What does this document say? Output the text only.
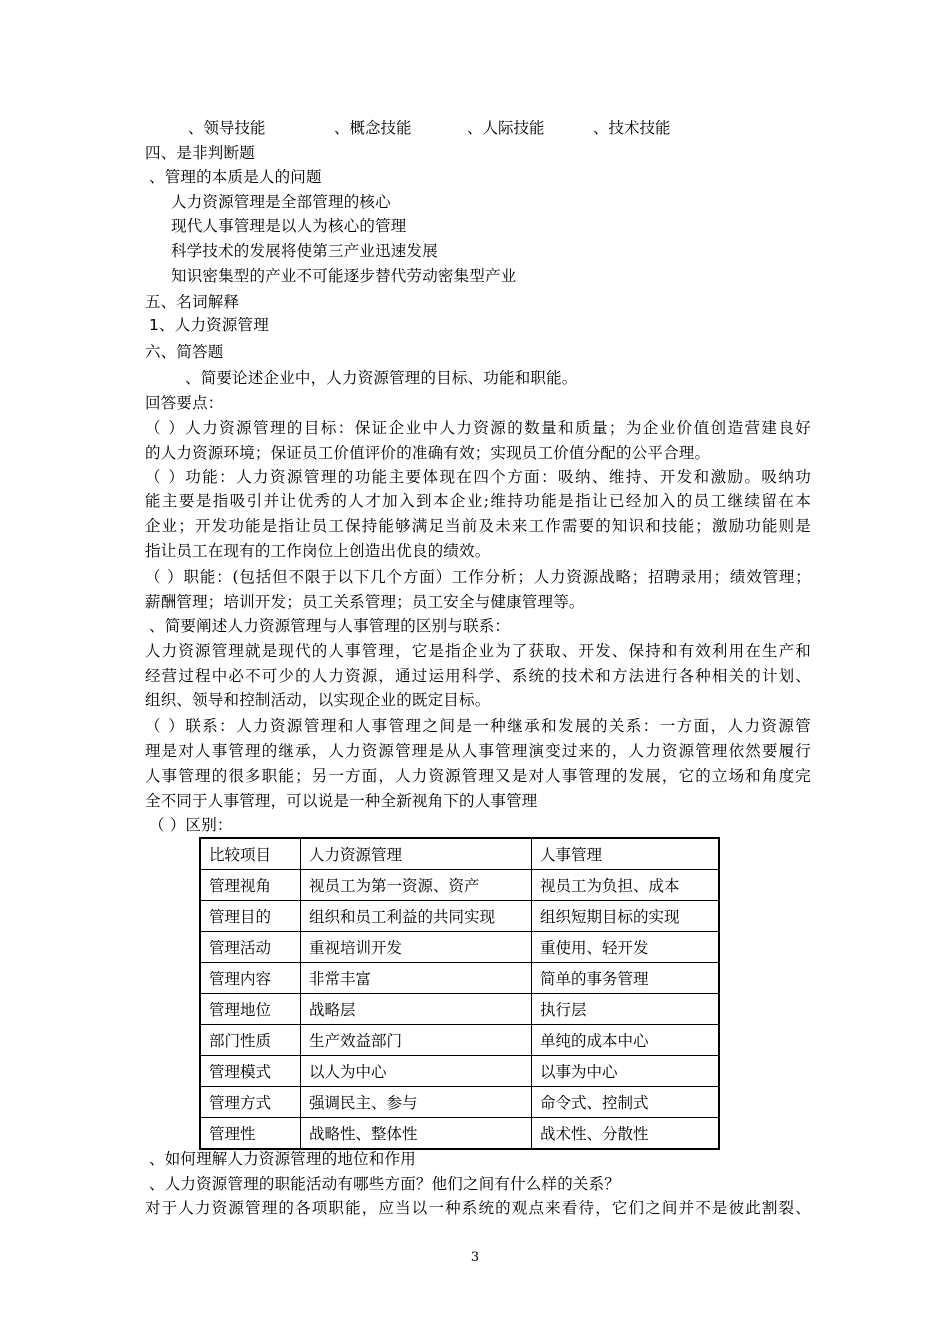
、领导技能	、概念技能	、人际技能	、技术技能
四、是非判断题
、管理的本质是人的问题
人力资源管理是全部管理的核心
现代人事管理是以人为核心的管理
科学技术的发展将使第三产业迅速发展
知识密集型的产业不可能逐步替代劳动密集型产业
五、名词解释
1、人力资源管理
六、简答题
、简要论述企业中，人力资源管理的目标、功能和职能。
回答要点：
（ ）人力资源管理的目标：保证企业中人力资源的数量和质量；为企业价值创造营建良好
的人力资源环境；保证员工价值评价的准确有效；实现员工价值分配的公平合理。
（ ）功能：人力资源管理的功能主要体现在四个方面：吸纳、维持、开发和激励。吸纳功
能主要是指吸引并让优秀的人才加入到本企业;维持功能是指让已经加入的员工继续留在本
企业；开发功能是指让员工保持能够满足当前及未来工作需要的知识和技能；激励功能则是
指让员工在现有的工作岗位上创造出优良的绩效。
（ ）职能：(包括但不限于以下几个方面）工作分析；人力资源战略；招聘录用；绩效管理；
薪酬管理；培训开发；员工关系管理；员工安全与健康管理等。
、简要阐述人力资源管理与人事管理的区别与联系：
人力资源管理就是现代的人事管理，它是指企业为了获取、开发、保持和有效利用在生产和
经营过程中必不可少的人力资源，通过运用科学、系统的技术和方法进行各种相关的计划、
组织、领导和控制活动，以实现企业的既定目标。
（ ）联系：人力资源管理和人事管理之间是一种继承和发展的关系：一方面，人力资源管
理是对人事管理的继承，人力资源管理是从人事管理演变过来的，人力资源管理依然要履行
人事管理的很多职能；另一方面，人力资源管理又是对人事管理的发展，它的立场和角度完
全不同于人事管理，可以说是一种全新视角下的人事管理
（ ）区别：
比较项目	人力资源管理	人事管理
管理视角	视员工为第一资源、资产	视员工为负担、成本
管理目的	组织和员工利益的共同实现	组织短期目标的实现
管理活动	重视培训开发	重使用、轻开发
管理内容	非常丰富	简单的事务管理
管理地位	战略层	执行层
部门性质	生产效益部门	单纯的成本中心
管理模式	以人为中心	以事为中心
管理方式	强调民主、参与	命令式、控制式
管理性	战略性、整体性	战术性、分散性
、如何理解人力资源管理的地位和作用
、人力资源管理的职能活动有哪些方面？他们之间有什么样的关系？
对于人力资源管理的各项职能，应当以一种系统的观点来看待，它们之间并不是彼此割裂、
3
